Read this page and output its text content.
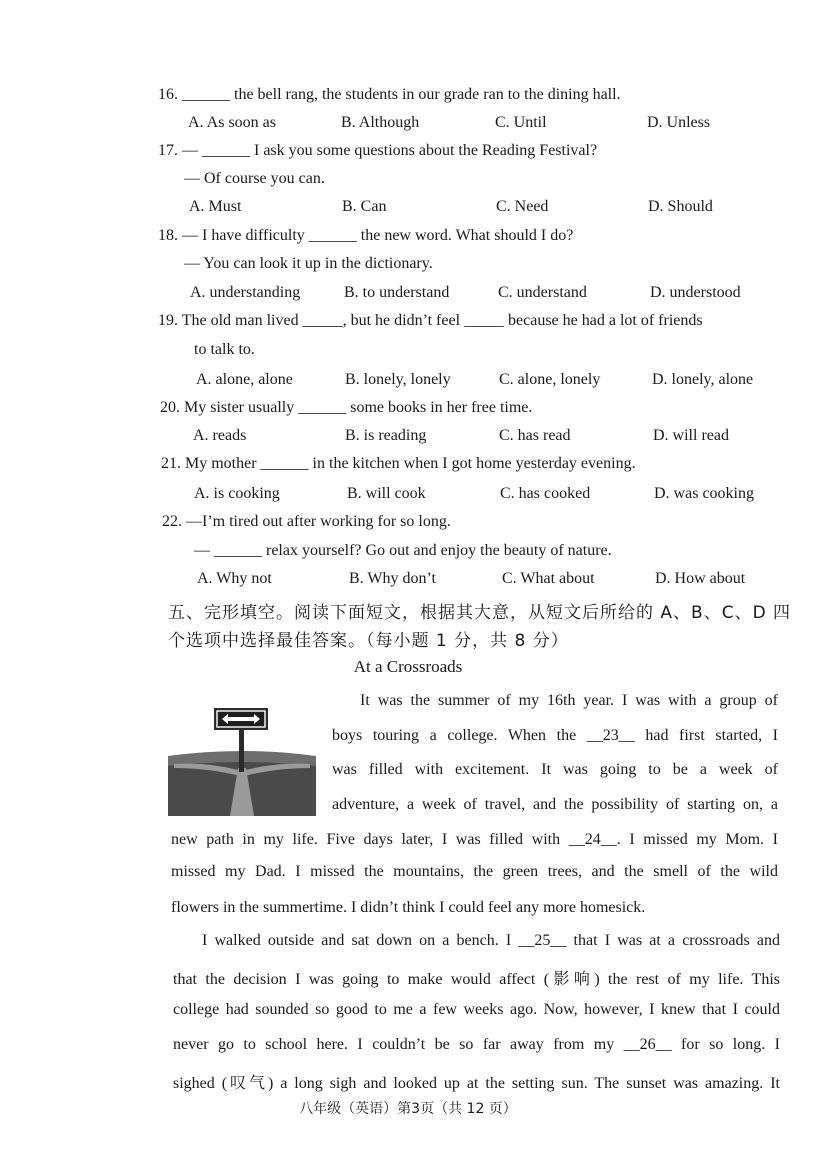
16. ______ the bell rang, the students in our grade ran to the dining hall.
A. As soon as	B. Although	C. Until	D. Unless
17. — ______ I ask you some questions about the Reading Festival?
— Of course you can.
A. Must	B. Can	C. Need	D. Should
18. — I have difficulty ______ the new word. What should I do?
— You can look it up in the dictionary.
A. understanding	B. to understand	C. understand	D. understood
19. The old man lived _____, but he didn’t feel _____ because he had a lot of friends
to talk to.
A. alone, alone	B. lonely, lonely	C. alone, lonely	D. lonely, alone
20. My sister usually ______ some books in her free time.
A. reads	B. is reading	C. has read	D. will read
21. My mother ______ in the kitchen when I got home yesterday evening.
A. is cooking	B. will cook	C. has cooked	D. was cooking
22. —I’m tired out after working for so long.
— ______ relax yourself? Go out and enjoy the beauty of nature.
A. Why not	B. Why don’t	C. What about	D. How about
五、完形填空。阅读下面短文，根据其大意，从短文后所给的 A、B、C、D 四
个选项中选择最佳答案。（每小题 1 分，共 8 分）
At a Crossroads
It was the summer of my 16th year. I was with a group of
boys touring a college. When the __23__ had first started, I
was filled with excitement. It was going to be a week of
adventure, a week of travel, and the possibility of starting on, a
new path in my life. Five days later, I was filled with __24__. I missed my Mom. I
missed my Dad. I missed the mountains, the green trees, and the smell of the wild
flowers in the summertime. I didn’t think I could feel any more homesick.
I walked outside and sat down on a bench. I __25__ that I was at a crossroads and
that the decision I was going to make would affect (影响) the rest of my life. This
college had sounded so good to me a few weeks ago. Now, however, I knew that I could
never go to school here. I couldn’t be so far away from my __26__ for so long. I
sighed (叹气) a long sigh and looked up at the setting sun. The sunset was amazing. It
八年级（英语）第3页（共 12 页）
